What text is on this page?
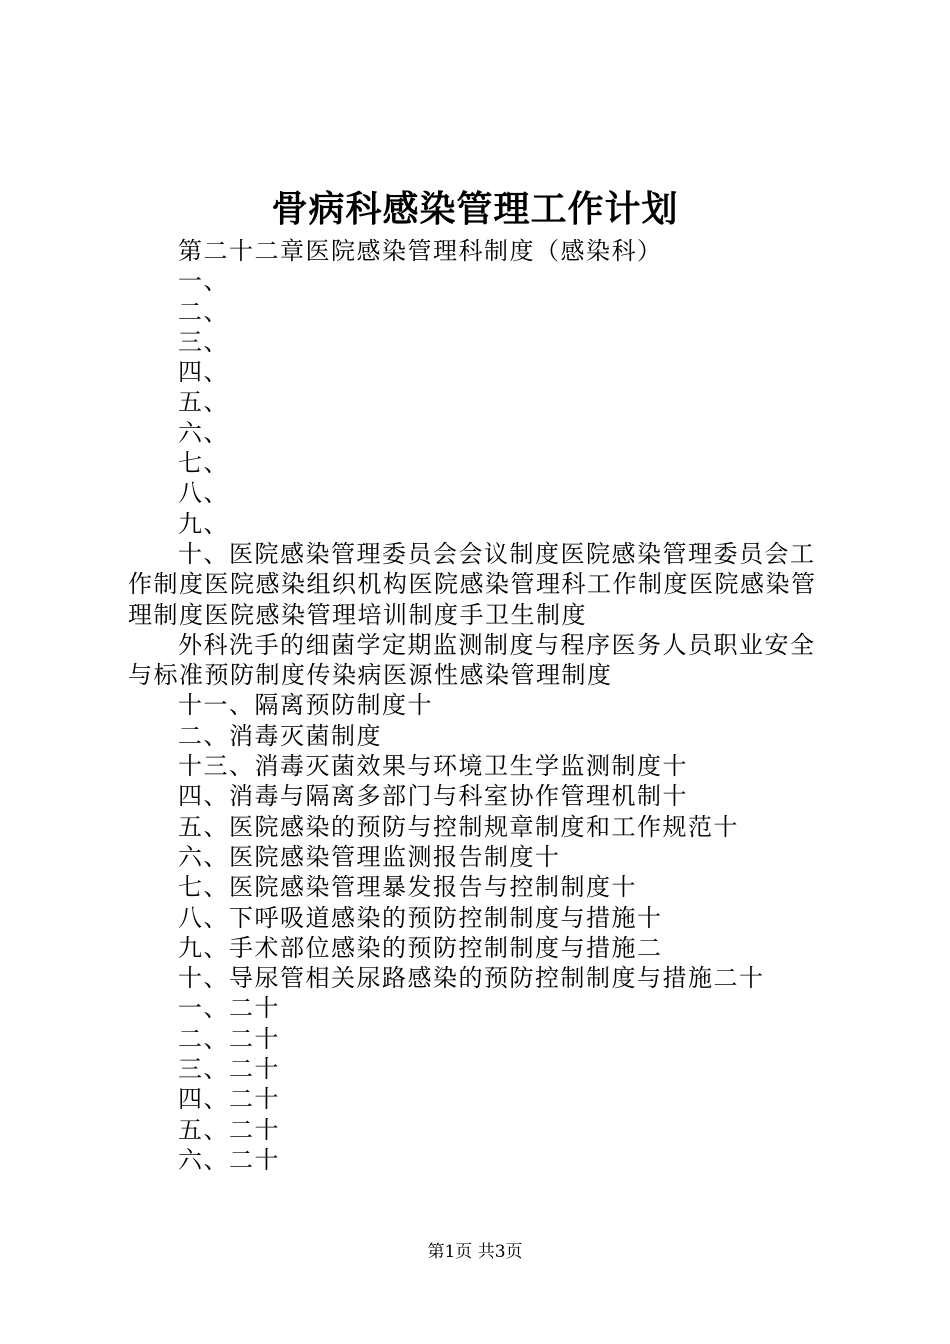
骨病科感染管理工作计划

第二十二章医院感染管理科制度（感染科）

一、

二、

三、

四、

五、

六、

七、

八、

九、

十、医院感染管理委员会会议制度医院感染管理委员会工作制度医院感染组织机构医院感染管理科工作制度医院感染管理制度医院感染管理培训制度手卫生制度

外科洗手的细菌学定期监测制度与程序医务人员职业安全与标准预防制度传染病医源性感染管理制度

十一、隔离预防制度十

二、消毒灭菌制度

十三、消毒灭菌效果与环境卫生学监测制度十

四、消毒与隔离多部门与科室协作管理机制十

五、医院感染的预防与控制规章制度和工作规范十

六、医院感染管理监测报告制度十

七、医院感染管理暴发报告与控制制度十

八、下呼吸道感染的预防控制制度与措施十

九、手术部位感染的预防控制制度与措施二

十、导尿管相关尿路感染的预防控制制度与措施二十

一、二十

二、二十

三、二十

四、二十

五、二十

六、二十

第1页 共3页
